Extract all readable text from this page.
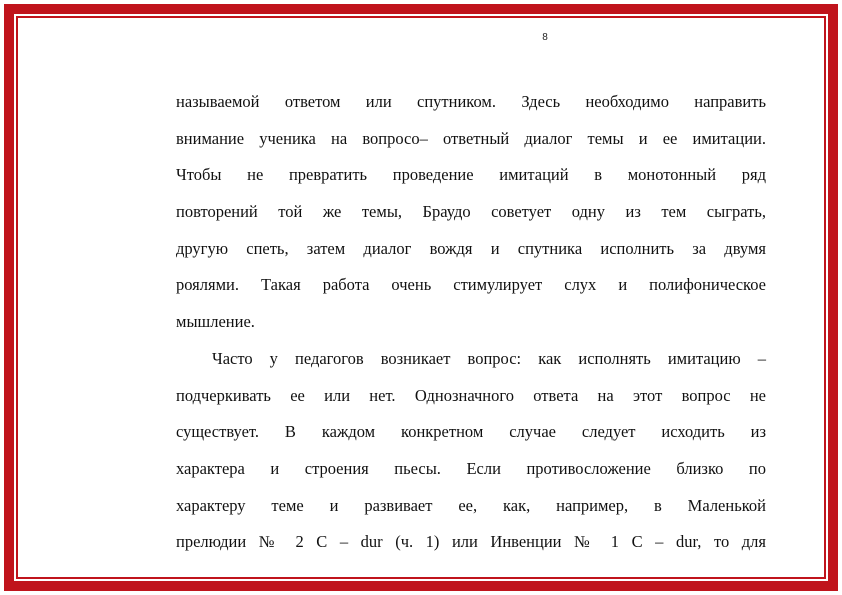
8
называемой ответом или спутником. Здесь необходимо направить
внимание ученика на вопросо– ответный диалог темы и ее имитации.
Чтобы не превратить проведение имитаций в монотонный ряд
повторений той же темы, Браудо советует одну из тем сыграть,
другую спеть, затем диалог вождя и спутника исполнить за двумя
роялями. Такая работа очень стимулирует слух и полифоническое
мышление.
Часто у педагогов возникает вопрос: как исполнять имитацию –
подчеркивать ее или нет. Однозначного ответа на этот вопрос не
существует. В каждом конкретном случае следует исходить из
характера и строения пьесы. Если противосложение близко по
характеру теме и развивает ее, как, например, в Маленькой
прелюдии № 2 С – dur (ч. 1) или Инвенции № 1 С – dur, то для
